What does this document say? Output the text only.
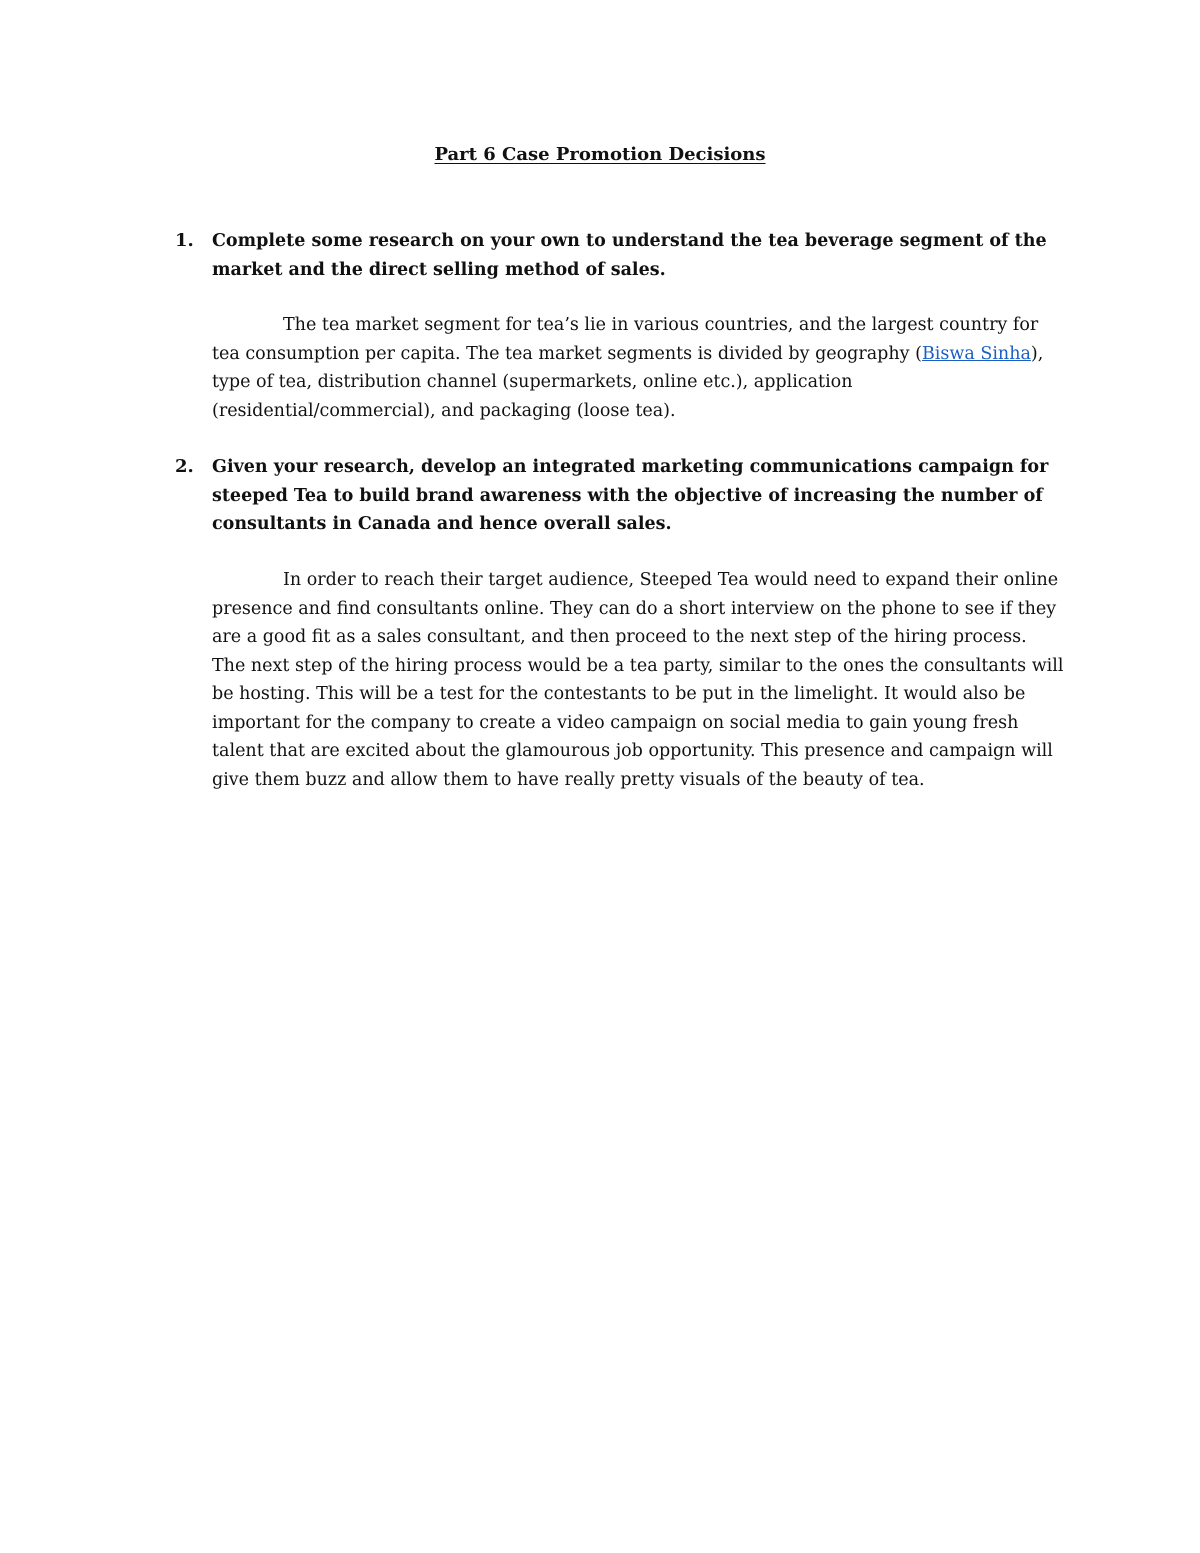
Part 6 Case Promotion Decisions
1. Complete some research on your own to understand the tea beverage segment of the market and the direct selling method of sales.

The tea market segment for tea’s lie in various countries, and the largest country for tea consumption per capita. The tea market segments is divided by geography (Biswa Sinha), type of tea, distribution channel (supermarkets, online etc.), application (residential/commercial), and packaging (loose tea).

2. Given your research, develop an integrated marketing communications campaign for steeped Tea to build brand awareness with the objective of increasing the number of consultants in Canada and hence overall sales.

In order to reach their target audience, Steeped Tea would need to expand their online presence and find consultants online. They can do a short interview on the phone to see if they are a good fit as a sales consultant, and then proceed to the next step of the hiring process. The next step of the hiring process would be a tea party, similar to the ones the consultants will be hosting. This will be a test for the contestants to be put in the limelight. It would also be important for the company to create a video campaign on social media to gain young fresh talent that are excited about the glamourous job opportunity. This presence and campaign will give them buzz and allow them to have really pretty visuals of the beauty of tea.
